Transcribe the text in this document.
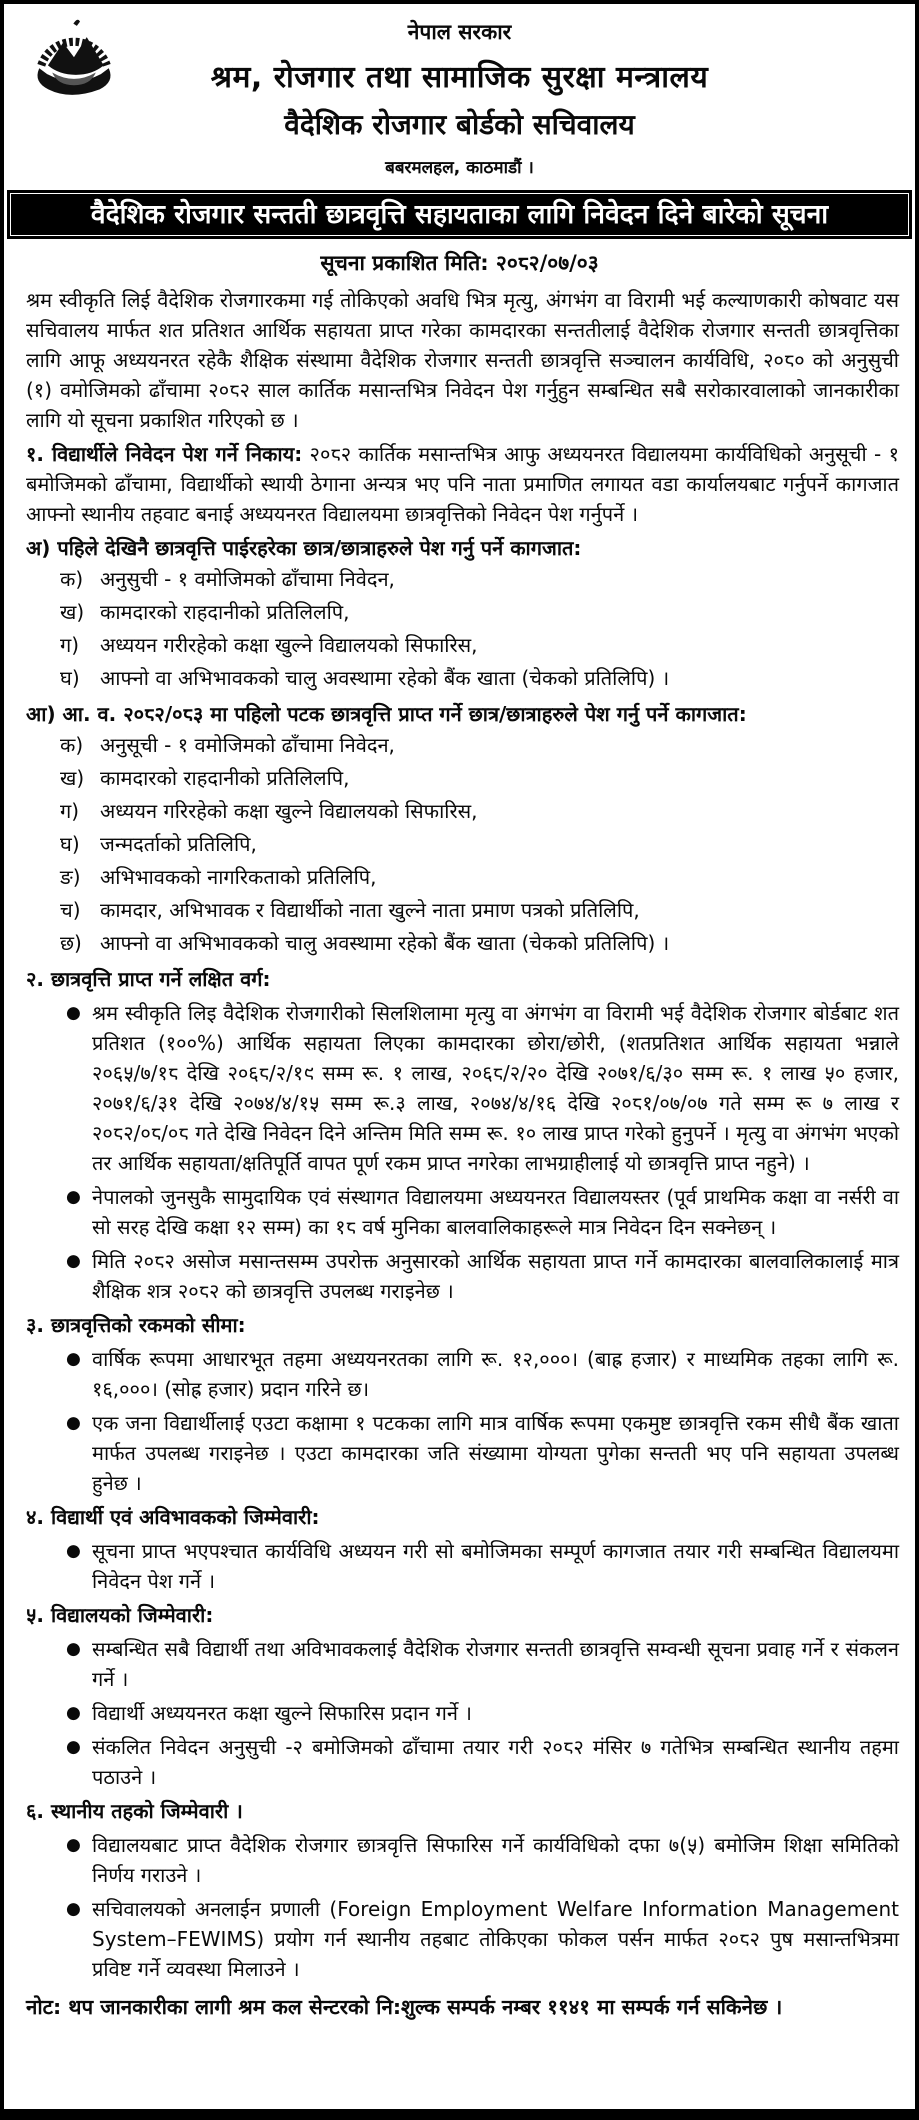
नेपाल सरकार
श्रम, रोजगार तथा सामाजिक सुरक्षा मन्त्रालय
वैदेशिक रोजगार बोर्डको सचिवालय
बबरमलहल, काठमाडौं ।
वैदेशिक रोजगार सन्तती छात्रवृत्ति सहायताका लागि निवेदन दिने बारेको सूचना
सूचना प्रकाशित मिति: २०८२/०७/०३

श्रम स्वीकृति लिई वैदेशिक रोजगारकमा गई तोकिएको अवधि भित्र मृत्यु, अंगभंग वा विरामी भई कल्याणकारी कोषवाट यस सचिवालय मार्फत शत प्रतिशत आर्थिक सहायता प्राप्त गरेका कामदारका सन्ततीलाई वैदेशिक रोजगार सन्तती छात्रवृत्तिका लागि आफू अध्ययनरत रहेकै शैक्षिक संस्थामा वैदेशिक रोजगार सन्तती छात्रवृत्ति सञ्चालन कार्यविधि, २०८० को अनुसुची (१) वमोजिमको ढाँचामा २०८२ साल कार्तिक मसान्तभित्र निवेदन पेश गर्नुहुन सम्बन्धित सबै सरोकारवालाको जानकारीका लागि यो सूचना प्रकाशित गरिएको छ ।

१. विद्यार्थीले निवेदन पेश गर्ने निकाय: २०८२ कार्तिक मसान्तभित्र आफु अध्ययनरत विद्यालयमा कार्यविधिको अनुसूची - १ बमोजिमको ढाँचामा, विद्यार्थीको स्थायी ठेगाना अन्यत्र भए पनि नाता प्रमाणित लगायत वडा कार्यालयबाट गर्नुपर्ने कागजात आफ्नो स्थानीय तहवाट बनाई अध्ययनरत विद्यालयमा छात्रवृत्तिको निवेदन पेश गर्नुपर्ने ।

अ) पहिले देखिनै छात्रवृत्ति पाईरहरेका छात्र/छात्राहरुले पेश गर्नु पर्ने कागजात:

क) अनुसुची - १ वमोजिमको ढाँचामा निवेदन,
ख) कामदारको राहदानीको प्रतिलिलपि,
ग) अध्ययन गरीरहेको कक्षा खुल्ने विद्यालयको सिफारिस,
घ) आफ्नो वा अभिभावकको चालु अवस्थामा रहेको बैंक खाता (चेकको प्रतिलिपि) ।

आ) आ. व. २०८२/०८३ मा पहिलो पटक छात्रवृत्ति प्राप्त गर्ने छात्र/छात्राहरुले पेश गर्नु पर्ने कागजात:

क) अनुसूची - १ वमोजिमको ढाँचामा निवेदन,
ख) कामदारको राहदानीको प्रतिलिलपि,
ग) अध्ययन गरिरहेको कक्षा खुल्ने विद्यालयको सिफारिस,
घ) जन्मदर्ताको प्रतिलिपि,
ङ) अभिभावकको नागरिकताको प्रतिलिपि,
च) कामदार, अभिभावक र विद्यार्थीको नाता खुल्ने नाता प्रमाण पत्रको प्रतिलिपि,
छ) आफ्नो वा अभिभावकको चालु अवस्थामा रहेको बैंक खाता (चेकको प्रतिलिपि) ।

२. छात्रवृत्ति प्राप्त गर्ने लक्षित वर्ग:

● श्रम स्वीकृति लिइ वैदेशिक रोजगारीको सिलशिलामा मृत्यु वा अंगभंग वा विरामी भई वैदेशिक रोजगार बोर्डबाट शत प्रतिशत (१००%) आर्थिक सहायता लिएका कामदारका छोरा/छोरी, (शतप्रतिशत आर्थिक सहायता भन्नाले २०६५/७/१८ देखि २०६८/२/१९ सम्म रू. १ लाख, २०६८/२/२० देखि २०७१/६/३० सम्म रू. १ लाख ५० हजार, २०७१/६/३१ देखि २०७४/४/१५ सम्म रू.३ लाख, २०७४/४/१६ देखि २०८१/०७/०७ गते सम्म रू ७ लाख र २०८२/०८/०८ गते देखि निवेदन दिने अन्तिम मिति सम्म रू. १० लाख प्राप्त गरेको हुनुपर्ने । मृत्यु वा अंगभंग भएको तर आर्थिक सहायता/क्षतिपूर्ति वापत पूर्ण रकम प्राप्त नगरेका लाभग्राहीलाई यो छात्रवृत्ति प्राप्त नहुने) ।
● नेपालको जुनसुकै सामुदायिक एवं संस्थागत विद्यालयमा अध्ययनरत विद्यालयस्तर (पूर्व प्राथमिक कक्षा वा नर्सरी वा सो सरह देखि कक्षा १२ सम्म) का १८ वर्ष मुनिका बालवालिकाहरूले मात्र निवेदन दिन सक्नेछन् ।
● मिति २०८२ असोज मसान्तसम्म उपरोक्त अनुसारको आर्थिक सहायता प्राप्त गर्ने कामदारका बालवालिकालाई मात्र शैक्षिक शत्र २०८२ को छात्रवृत्ति उपलब्ध गराइनेछ ।

३. छात्रवृत्तिको रकमको सीमा:

● वार्षिक रूपमा आधारभूत तहमा अध्ययनरतका लागि रू. १२,०००। (बाह्र हजार) र माध्यमिक तहका लागि रू. १६,०००। (सोह्र हजार) प्रदान गरिने छ।
● एक जना विद्यार्थीलाई एउटा कक्षामा १ पटकका लागि मात्र वार्षिक रूपमा एकमुष्ट छात्रवृत्ति रकम सीधै बैंक खाता मार्फत उपलब्ध गराइनेछ । एउटा कामदारका जति संख्यामा योग्यता पुगेका सन्तती भए पनि सहायता उपलब्ध हुनेछ ।

४. विद्यार्थी एवं अविभावकको जिम्मेवारी:

● सूचना प्राप्त भएपश्चात कार्यविधि अध्ययन गरी सो बमोजिमका सम्पूर्ण कागजात तयार गरी सम्बन्धित विद्यालयमा निवेदन पेश गर्ने ।

५. विद्यालयको जिम्मेवारी:

● सम्बन्धित सबै विद्यार्थी तथा अविभावकलाई वैदेशिक रोजगार सन्तती छात्रवृत्ति सम्वन्धी सूचना प्रवाह गर्ने र संकलन गर्ने ।
● विद्यार्थी अध्ययनरत कक्षा खुल्ने सिफारिस प्रदान गर्ने ।
● संकलित निवेदन अनुसुची -२ बमोजिमको ढाँचामा तयार गरी २०८२ मंसिर ७ गतेभित्र सम्बन्धित स्थानीय तहमा पठाउने ।

६. स्थानीय तहको जिम्मेवारी ।

● विद्यालयबाट प्राप्त वैदेशिक रोजगार छात्रवृत्ति सिफारिस गर्ने कार्यविधिको दफा ७(५) बमोजिम शिक्षा समितिको निर्णय गराउने ।
● सचिवालयको अनलाईन प्रणाली (Foreign Employment Welfare Information Management System–FEWIMS) प्रयोग गर्न स्थानीय तहबाट तोकिएका फोकल पर्सन मार्फत २०८२ पुष मसान्तभित्रमा प्रविष्ट गर्ने व्यवस्था मिलाउने ।

नोट: थप जानकारीका लागी श्रम कल सेन्टरको नि:शुल्क सम्पर्क नम्बर ११४१ मा सम्पर्क गर्न सकिनेछ ।
